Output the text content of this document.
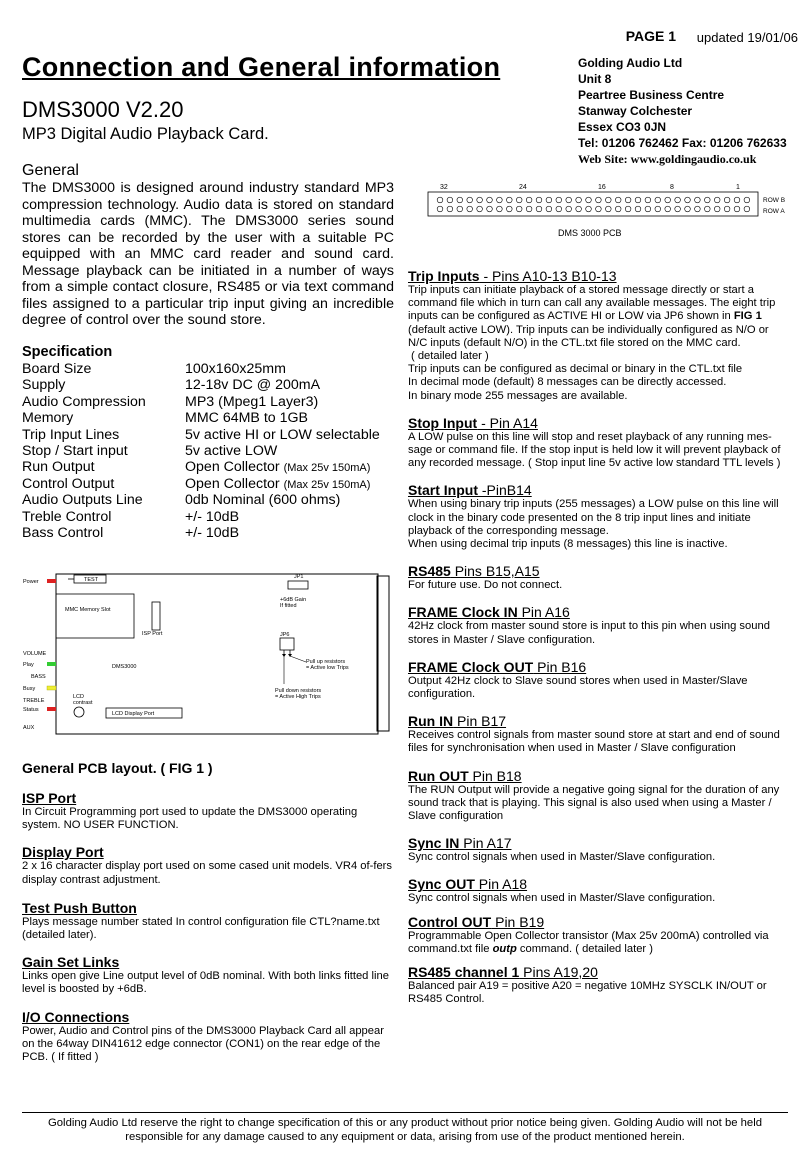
PAGE 1 updated 19/01/06
Connection and General information
DMS3000 V2.20
MP3 Digital Audio Playback Card.
Golding Audio Ltd
Unit 8
Peartree Business Centre
Stanway Colchester
Essex CO3 0JN
Tel: 01206 762462 Fax: 01206 762633
Web Site: www.goldingaudio.co.uk
General
The DMS3000 is designed around industry standard MP3 compression technology. Audio data is stored on standard multimedia cards (MMC). The DMS3000 series sound stores can be recorded by the user with a suitable PC equipped with an MMC card reader and sound card. Message playback can be initiated in a number of ways from a simple contact closure, RS485 or via text command files assigned to a particular trip input giving an incredible degree of control over the sound store.
Specification
Board Size	100x160x25mm
Supply	12-18v DC @ 200mA
Audio Compression	MP3 (Mpeg1 Layer3)
Memory	MMC 64MB to 1GB
Trip Input Lines	5v active HI or LOW selectable
Stop / Start input	5v active LOW
Run Output	Open Collector (Max 25v 150mA)
Control Output	Open Collector (Max 25v 150mA)
Audio Outputs Line	0db Nominal (600 ohms)
Treble Control	+/- 10dB
Bass Control	+/- 10dB
Power	TEST
MMC Memory Slot
ISP Port
JP1
+6dB Gain
If fitted
JP6
Pull up resistors
= Active low Trips
Pull down resistors
= Active High Trips
VOLUME
Play
BASS
Busy
TREBLE
Status
AUX
DMS3000
LCD
contrast
LCD Display Port
General PCB layout. ( FIG 1 )
ISP Port
In Circuit Programming port used to update the DMS3000 operating system. NO USER FUNCTION.
Display Port
2 x 16 character display port used on some cased unit models. VR4 of-fers display contrast adjustment.
Test Push Button
Plays message number stated In control configuration file CTL?name.txt (detailed later).
Gain Set Links
Links open give Line output level of 0dB nominal. With both links fitted line level is boosted by +6dB.
I/O Connections
Power, Audio and Control pins of the DMS3000 Playback Card all appear on the 64way DIN41612 edge connector (CON1) on the rear edge of the PCB. ( If fitted )
32	24	16	8	1
ROW B
ROW A
DMS 3000 PCB
Trip Inputs - Pins A10-13 B10-13
Trip inputs can initiate playback of a stored message directly or start a command file which in turn can call any available messages. The eight trip inputs can be configured as ACTIVE HI or LOW via JP6 shown in FIG 1 (default active LOW). Trip inputs can be individually configured as N/O or N/C inputs (default N/O) in the CTL.txt file stored on the MMC card.
( detailed later )
Trip inputs can be configured as decimal or binary in the CTL.txt file
In decimal mode (default) 8 messages can be directly accessed.
In binary mode 255 messages are available.
Stop Input - Pin A14
A LOW pulse on this line will stop and reset playback of any running mes-sage or command file. If the stop input is held low it will prevent playback of any recorded message. ( Stop input line 5v active low standard TTL levels )
Start Input -PinB14
When using binary trip inputs (255 messages) a LOW pulse on this line will clock in the binary code presented on the 8 trip input lines and initiate playback of the corresponding message.
When using decimal trip inputs (8 messages) this line is inactive.
RS485 Pins B15,A15
For future use. Do not connect.
FRAME Clock IN Pin A16
42Hz clock from master sound store is input to this pin when using sound stores in Master / Slave configuration.
FRAME Clock OUT Pin B16
Output 42Hz clock to Slave sound stores when used in Master/Slave configuration.
Run IN Pin B17
Receives control signals from master sound store at start and end of sound files for synchronisation when used in Master / Slave configuration
Run OUT Pin B18
The RUN Output will provide a negative going signal for the duration of any sound track that is playing. This signal is also used when using a Master / Slave configuration
Sync IN Pin A17
Sync control signals when used in Master/Slave configuration.
Sync OUT Pin A18
Sync control signals when used in Master/Slave configuration.
Control OUT Pin B19
Programmable Open Collector transistor (Max 25v 200mA) controlled via command.txt file outp command. ( detailed later )
RS485 channel 1 Pins A19,20
Balanced pair A19 = positive A20 = negative 10MHz SYSCLK IN/OUT or RS485 Control.
Golding Audio Ltd reserve the right to change specification of this or any product without prior notice being given. Golding Audio will not be held responsible for any damage caused to any equipment or data, arising from use of the product mentioned herein.
